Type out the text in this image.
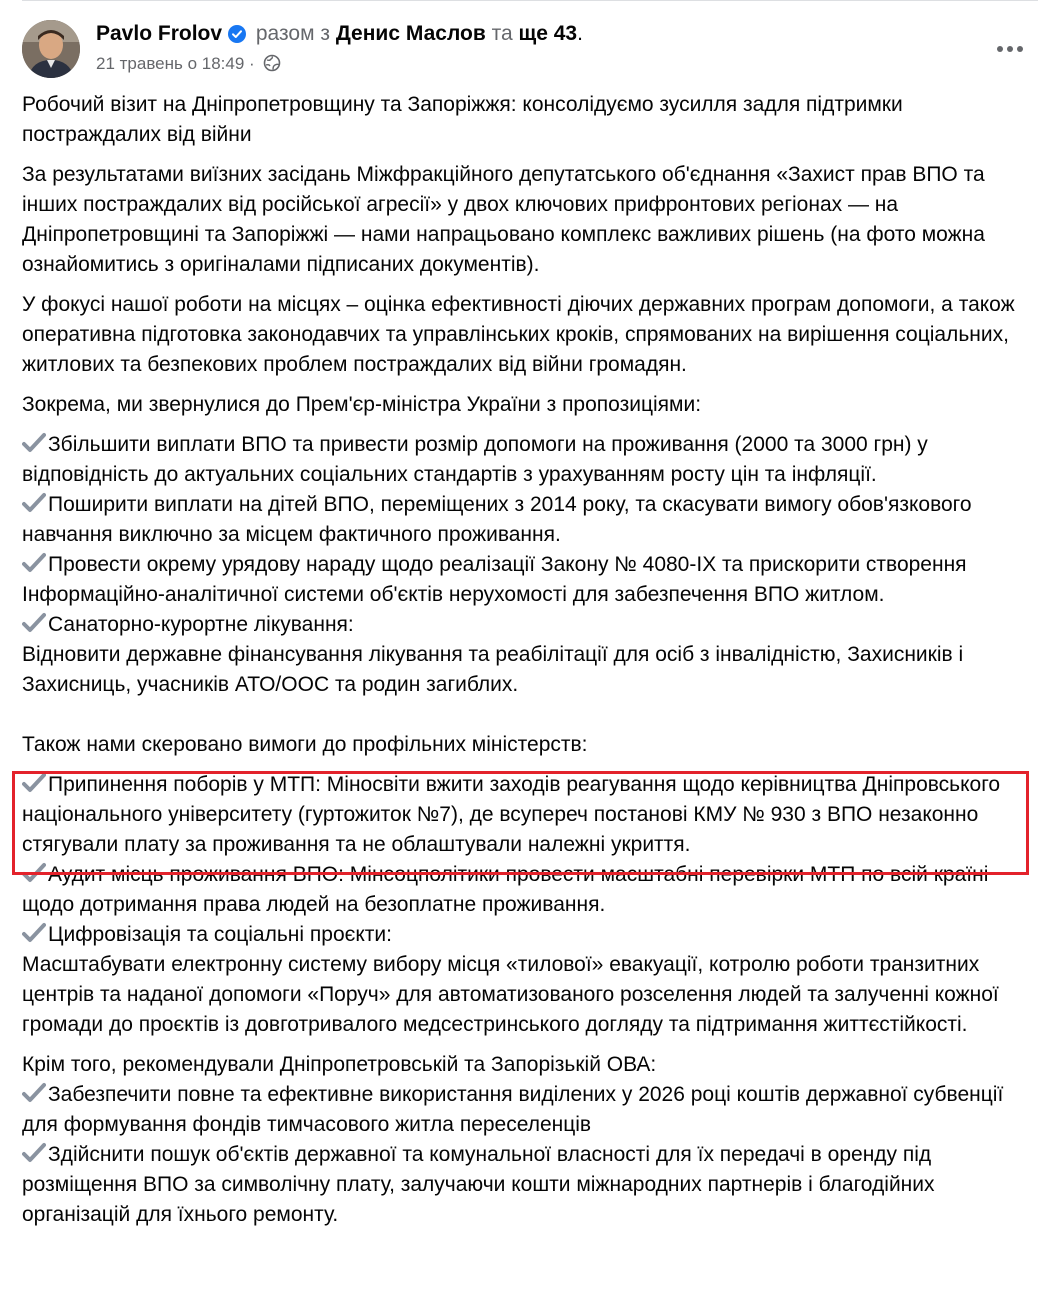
Pavlo Frolov разом з Денис Маслов та ще 43.
21 травень о 18:49 ·

Робочий візит на Дніпропетровщину та Запоріжжя: консолідуємо зусилля задля підтримки постраждалих від війни

За результатами виїзних засідань Міжфракційного депутатського об'єднання «Захист прав ВПО та інших постраждалих від російської агресії» у двох ключових прифронтових регіонах — на Дніпропетровщині та Запоріжжі — нами напрацьовано комплекс важливих рішень (на фото можна ознайомитись з оригіналами підписаних документів).

У фокусі нашої роботи на місцях – оцінка ефективності діючих державних програм допомоги, а також оперативна підготовка законодавчих та управлінських кроків, спрямованих на вирішення соціальних, житлових та безпекових проблем постраждалих від війни громадян.

Зокрема, ми звернулися до Прем'єр-міністра України з пропозиціями:

Збільшити виплати ВПО та привести розмір допомоги на проживання (2000 та 3000 грн) у відповідність до актуальних соціальних стандартів з урахуванням росту цін та інфляції.

Поширити виплати на дітей ВПО, переміщених з 2014 року, та скасувати вимогу обов'язкового навчання виключно за місцем фактичного проживання.

Провести окрему урядову нараду щодо реалізації Закону № 4080-IX та прискорити створення Інформаційно-аналітичної системи об'єктів нерухомості для забезпечення ВПО житлом.

Санаторно-курортне лікування:

Відновити державне фінансування лікування та реабілітації для осіб з інвалідністю, Захисників і Захисниць, учасників АТО/ООС та родин загиблих.

Також нами скеровано вимоги до профільних міністерств:

Припинення поборів у МТП: Міносвіти вжити заходів реагування щодо керівництва Дніпровського національного університету (гуртожиток №7), де всупереч постанові КМУ № 930 з ВПО незаконно стягували плату за проживання та не облаштували належні укриття.

Аудит місць проживання ВПО: Мінсоцполітики провести масштабні перевірки МТП по всій країні щодо дотримання права людей на безоплатне проживання.

Цифровізація та соціальні проєкти:

Масштабувати електронну систему вибору місця «тилової» евакуації, котролю роботи транзитних центрів та наданої допомоги «Поруч» для автоматизованого розселення людей та залученні кожної громади до проєктів із довготривалого медсестринського догляду та підтримання життєстійкості.

Крім того, рекомендували Дніпропетровській та Запорізькій ОВА:

Забезпечити повне та ефективне використання виділених у 2026 році коштів державної субвенції для формування фондів тимчасового житла переселенців

Здійснити пошук об'єктів державної та комунальної власності для їх передачі в оренду під розміщення ВПО за символічну плату, залучаючи кошти міжнародних партнерів і благодійних організацій для їхнього ремонту.
